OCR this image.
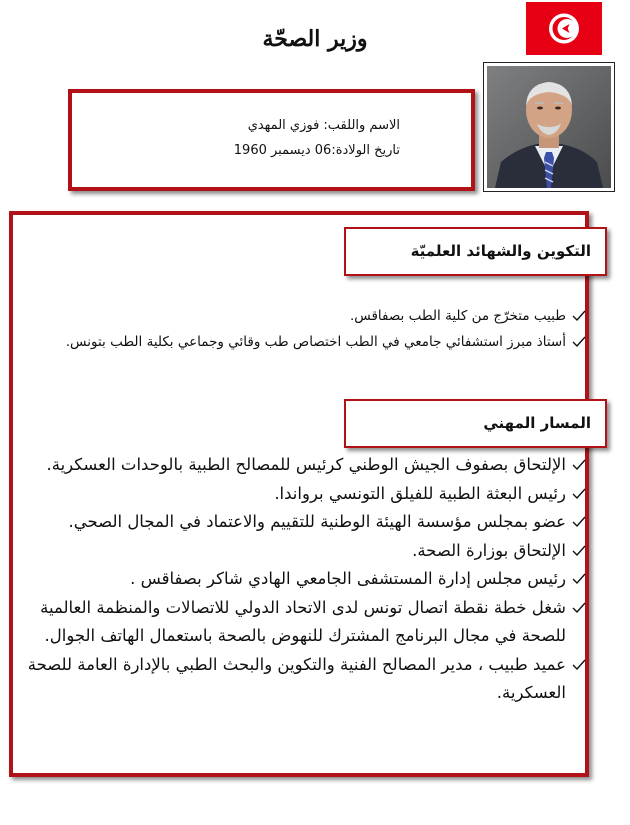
وزير الصحّة
الاسم واللقب: فوزي المهدي
تاريخ الولادة:06 ديسمبر 1960
التكوين والشهائد العلميّة
طبيب متخرّج من كلية الطب بصفاقس.
أستاذ مبرز استشفائي جامعي في الطب اختصاص طب وقائي وجماعي بكلية الطب بتونس.
المسار المهني
الإلتحاق بصفوف الجيش الوطني كرئيس للمصالح الطبية بالوحدات العسكرية.
رئيس البعثة الطبية للفيلق التونسي برواندا.
عضو بمجلس مؤسسة الهيئة الوطنية للتقييم والاعتماد في المجال الصحي.
الإلتحاق بوزارة الصحة.
رئيس مجلس إدارة المستشفى الجامعي الهادي شاكر بصفاقس .
شغل خطة نقطة اتصال تونس لدى الاتحاد الدولي للاتصالات والمنظمة العالمية للصحة في مجال البرنامج المشترك للنهوض بالصحة باستعمال الهاتف الجوال.
عميد طبيب ، مدير المصالح الفنية والتكوين والبحث الطبي بالإدارة العامة للصحة العسكرية.
